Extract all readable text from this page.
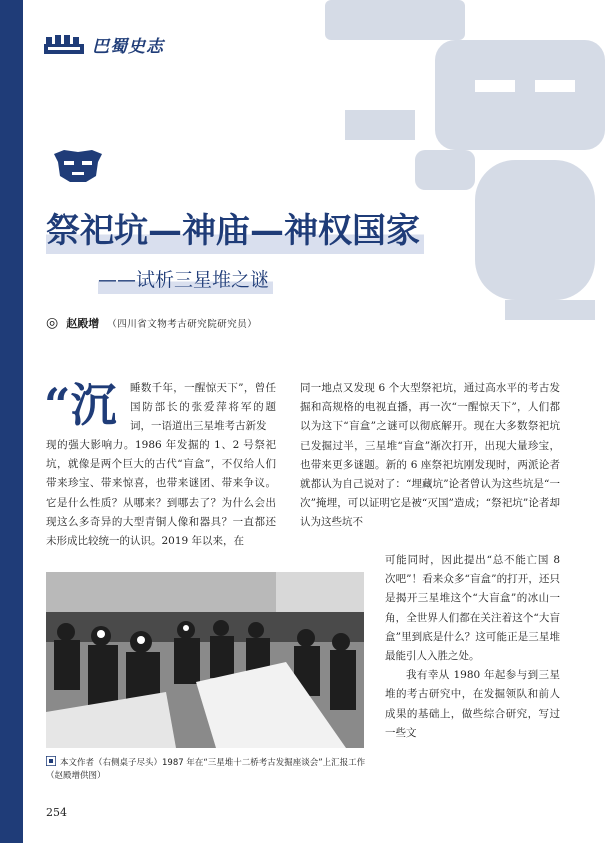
巴蜀史志
祭祀坑—神庙—神权国家
——试析三星堆之谜
◎ 赵殿增 （四川省文物考古研究院研究员）
“沉 睡数千年，一醒惊天下”，曾任国防部长的张爱萍将军的题词，一语道出三星堆考古新发
现的强大影响力。1986 年发掘的 1、2 号祭祀坑，就像是两个巨大的古代“盲盒”，不仅给人们带来珍宝、带来惊喜，也带来谜团、带来争议。它是什么性质？从哪来？到哪去了？为什么会出现这么多奇异的大型青铜人像和器具？一直都还未形成比较统一的认识。2019 年以来，在
同一地点又发现 6 个大型祭祀坑，通过高水平的考古发掘和高规格的电视直播，再一次“一醒惊天下”，人们都以为这下“盲盒”之谜可以彻底解开。现在大多数祭祀坑已发掘过半，三星堆“盲盒”渐次打开，出现大量珍宝，也带来更多谜题。新的 6 座祭祀坑刚发现时，两派论者就都认为自己说对了：“埋藏坑”论者曾认为这些坑是“一次”掩埋，可以证明它是被“灭国”造成；“祭祀坑”论者却认为这些坑不
可能同时，因此提出“总不能亡国 8 次吧”！看来众多“盲盒”的打开，还只是揭开三星堆这个“大盲盒”的冰山一角，全世界人们都在关注着这个“大盲盒”里到底是什么？这可能正是三星堆最能引人入胜之处。
我有幸从 1980 年起参与到三星堆的考古研究中，在发掘领队和前人成果的基础上，做些综合研究，写过一些文
本文作者（右侧桌子尽头）1987 年在“三星堆十二桥考古发掘座谈会”上汇报工作（赵殿增供图）
254
